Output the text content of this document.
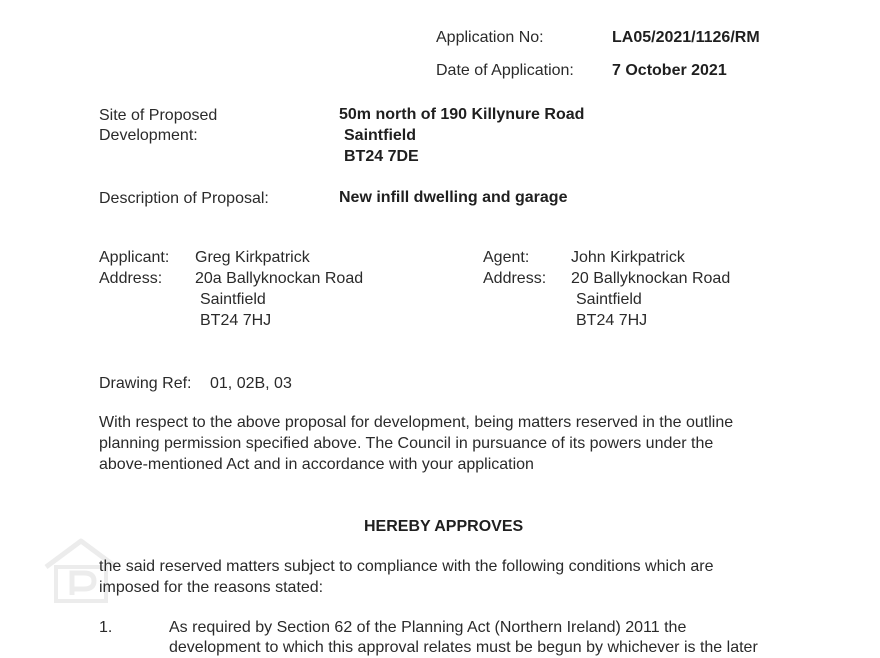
Application No:	LA05/2021/1126/RM
Date of Application: 7 October 2021
Site of Proposed
Development:
50m north of 190 Killynure Road
Saintfield
BT24 7DE
Description of Proposal:	New infill dwelling and garage
Applicant: Greg Kirkpatrick
Address: 20a Ballyknockan Road
Saintfield
BT24 7HJ
Agent:	John Kirkpatrick
Address: 20 Ballyknockan Road
Saintfield
BT24 7HJ
Drawing Ref: 01, 02B, 03
With respect to the above proposal for development, being matters reserved in the outline
planning permission specified above. The Council in pursuance of its powers under the
above-mentioned Act and in accordance with your application
HEREBY APPROVES
the said reserved matters subject to compliance with the following conditions which are
imposed for the reasons stated:
1.	As required by Section 62 of the Planning Act (Northern Ireland) 2011 the
development to which this approval relates must be begun by whichever is the later
